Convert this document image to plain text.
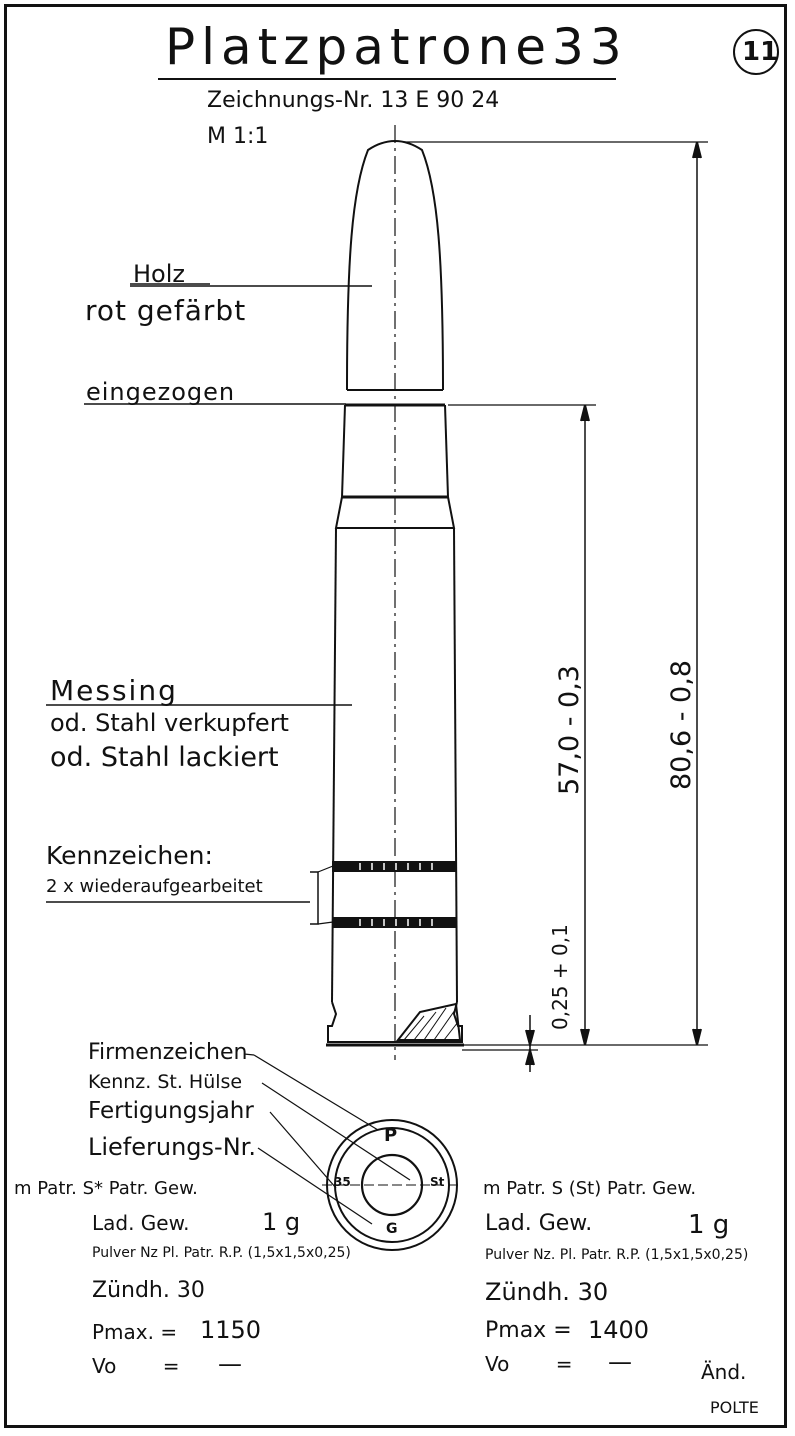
Platzpatrone33
Zeichnungs-Nr. 13 E 90 24
M 1:1
11
Holz
rot gefärbt
eingezogen
Messing
od. Stahl verkupfert
od. Stahl lackiert
Kennzeichen:
2 x wiederaufgearbeitet
80,6 - 0,8
57,0 - 0,3
0,25 + 0,1
Firmenzeichen
Kennz. St. Hülse
Fertigungsjahr
Lieferungs-Nr.	P
G
35	St
m Patr. S* Patr. Gew.
Lad. Gew.	1 g
Pulver Nz Pl. Patr. R.P. (1,5x1,5x0,25)
Zündh. 30
Pmax. = 1150
Vo = —
m Patr. S (St) Patr. Gew.
Lad. Gew.	1 g
Pulver Nz. Pl. Patr. R.P. (1,5x1,5x0,25)
Zündh. 30
Pmax = 1400
Vo = —	Änd.
POLTE
